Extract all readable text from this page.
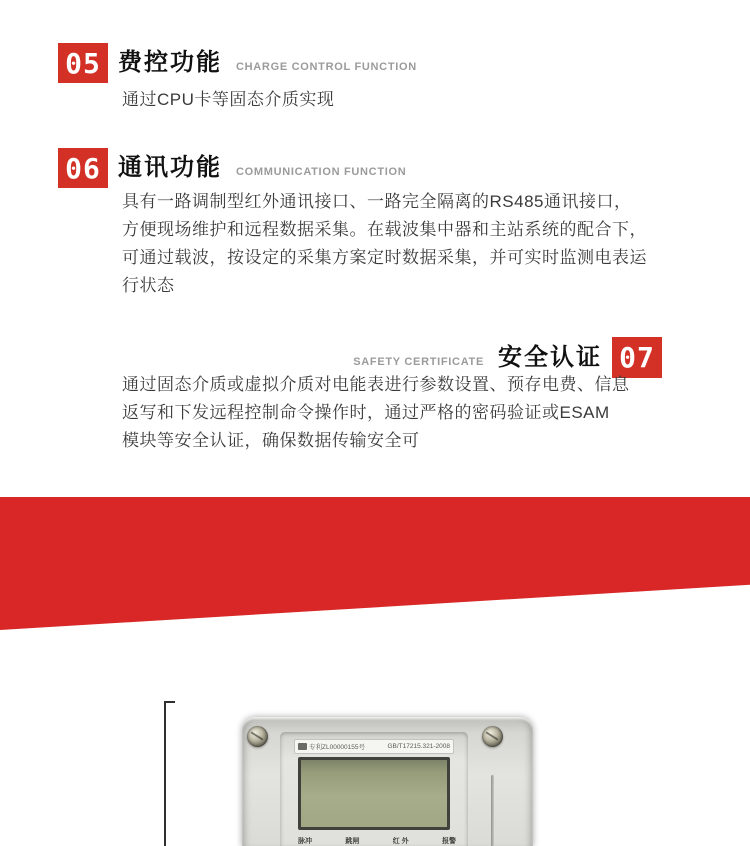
05 费控功能 CHARGE CONTROL FUNCTION

通过CPU卡等固态介质实现

06 通讯功能 COMMUNICATION FUNCTION

具有一路调制型红外通讯接口、一路完全隔离的RS485通讯接口，

方便现场维护和远程数据采集。在载波集中器和主站系统的配合下，

可通过载波，按设定的采集方案定时数据采集，并可实时监测电表运

行状态

SAFETY CERTIFICATE 安全认证 07

通过固态介质或虚拟介质对电能表进行参数设置、预存电费、信息

返写和下发远程控制命令操作时，通过严格的密码验证或ESAM

模块等安全认证，确保数据传输安全可

专利ZL00000155号	GB/T17215.321-2008
脉冲	跳闸	红 外	报警
